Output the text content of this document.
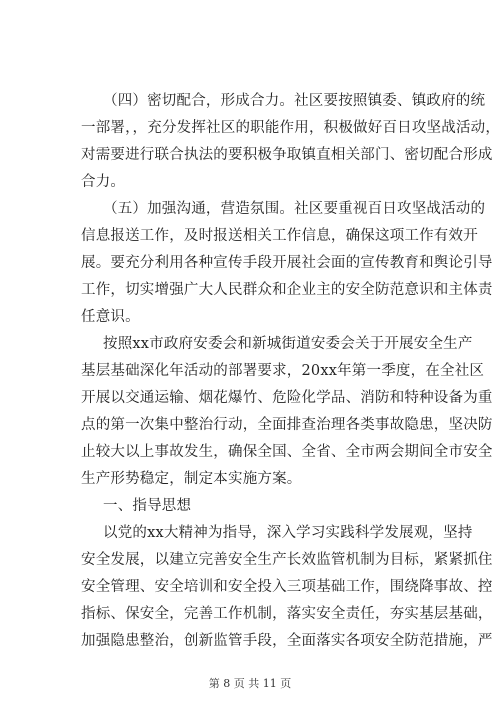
（四）密切配合，形成合力。社区要按照镇委、镇政府的统
一部署，，充分发挥社区的职能作用，积极做好百日攻坚战活动，
对需要进行联合执法的要积极争取镇直相关部门、密切配合形成
合力。
（五）加强沟通，营造氛围。社区要重视百日攻坚战活动的
信息报送工作，及时报送相关工作信息，确保这项工作有效开
展。要充分利用各种宣传手段开展社会面的宣传教育和舆论引导
工作，切实增强广大人民群众和企业主的安全防范意识和主体责
任意识。
按照xx市政府安委会和新城街道安委会关于开展安全生产
基层基础深化年活动的部署要求，20xx年第一季度，在全社区
开展以交通运输、烟花爆竹、危险化学品、消防和特种设备为重
点的第一次集中整治行动，全面排查治理各类事故隐患，坚决防
止较大以上事故发生，确保全国、全省、全市两会期间全市安全
生产形势稳定，制定本实施方案。
一、指导思想
以党的xx大精神为指导，深入学习实践科学发展观，坚持
安全发展，以建立完善安全生产长效监管机制为目标，紧紧抓住
安全管理、安全培训和安全投入三项基础工作，围绕降事故、控
指标、保安全，完善工作机制，落实安全责任，夯实基层基础，
加强隐患整治，创新监管手段，全面落实各项安全防范措施，严
第 8 页 共 11 页
